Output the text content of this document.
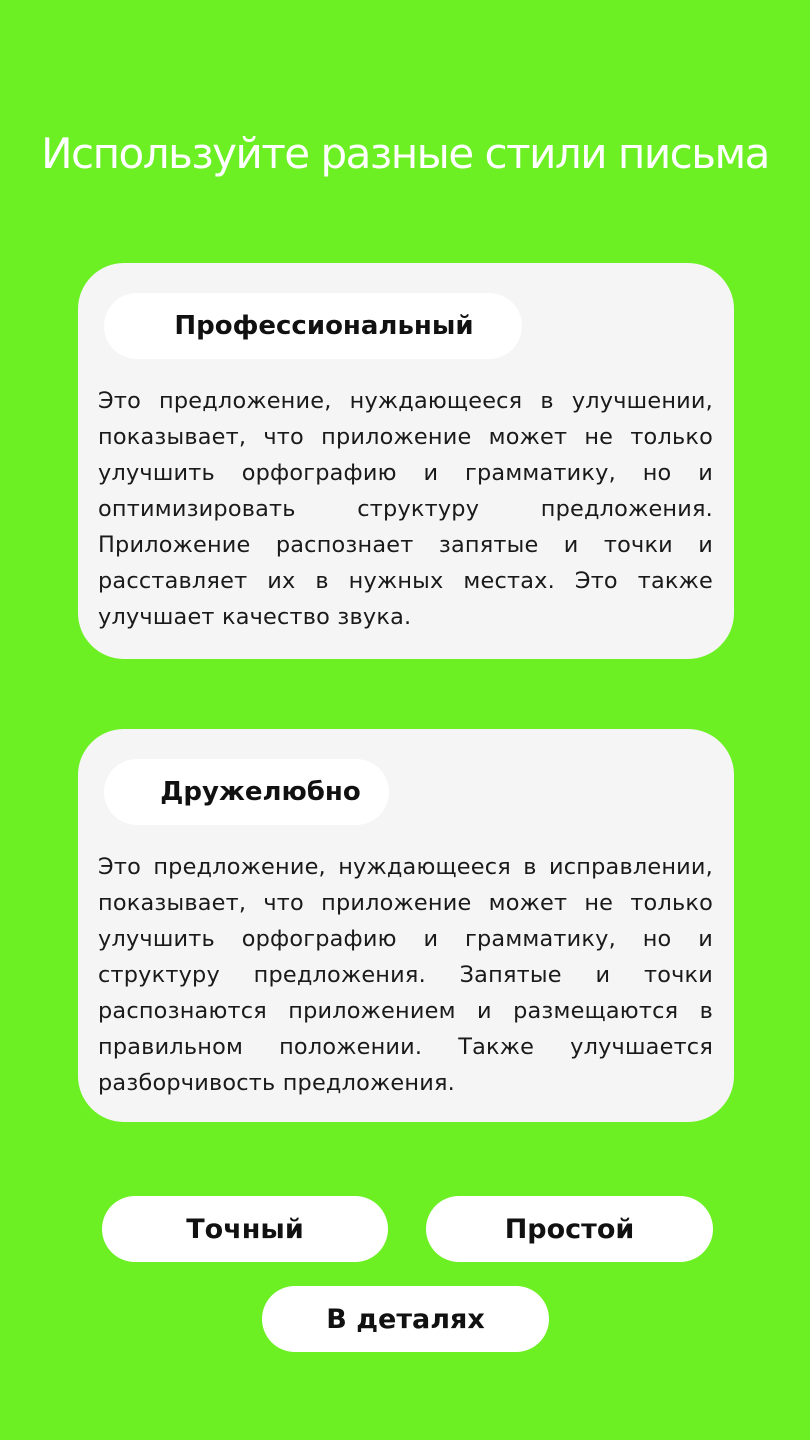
Используйте разные стили письма
Профессиональный
Это предложение, нуждающееся в улучшении, показывает, что приложение может не только улучшить орфографию и грамматику, но и оптимизировать структуру предложения. Приложение распознает запятые и точки и расставляет их в нужных местах. Это также улучшает качество звука.
Дружелюбно
Это предложение, нуждающееся в исправлении, показывает, что приложение может не только улучшить орфографию и грамматику, но и структуру предложения. Запятые и точки распознаются приложением и размещаются в правильном положении. Также улучшается разборчивость предложения.
Точный	Простой
В деталях
